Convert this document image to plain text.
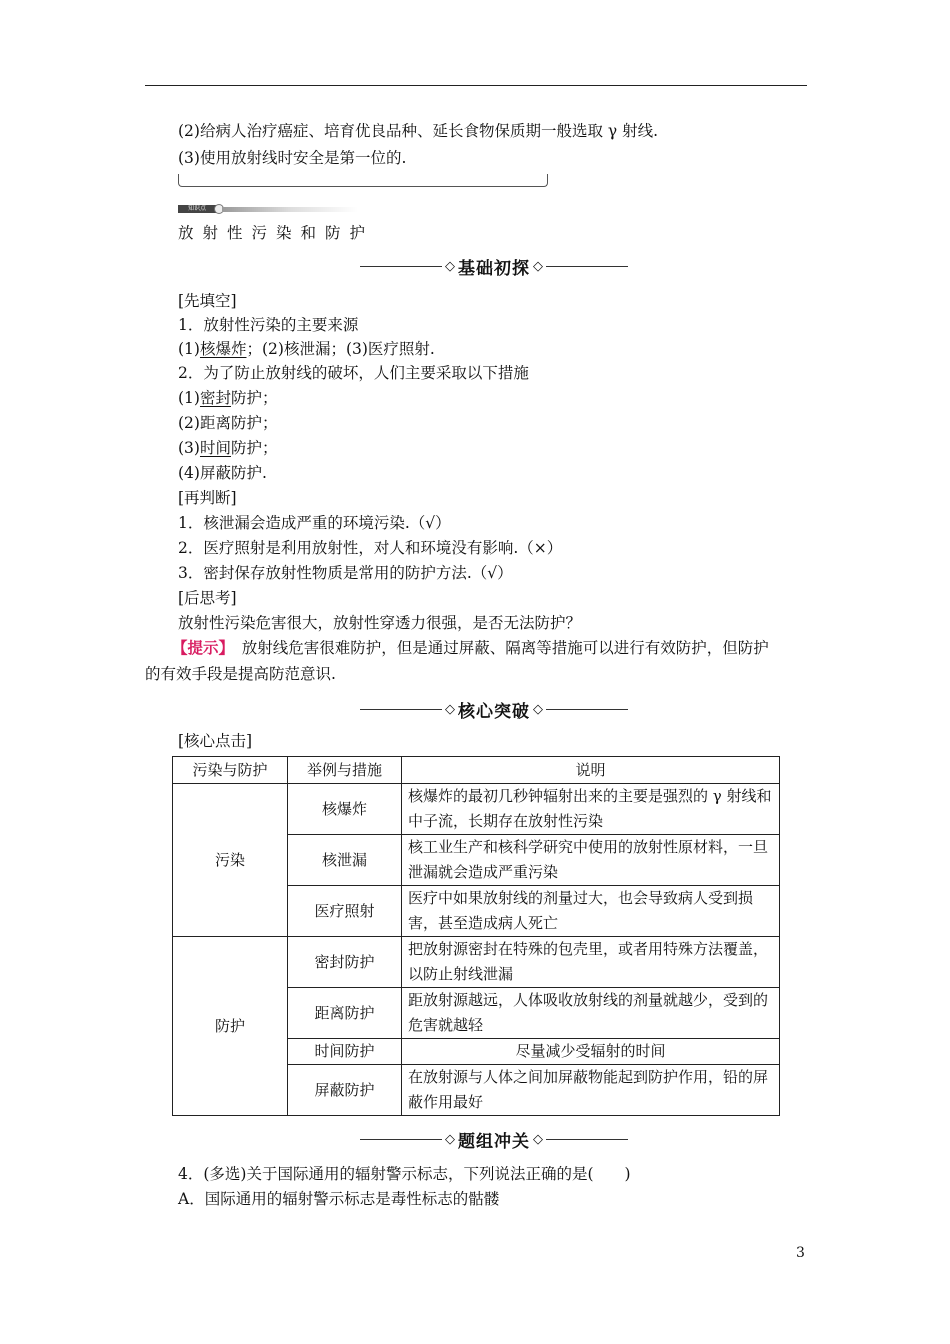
(2)给病人治疗癌症、培育优良品种、延长食物保质期一般选取 γ 射线.
(3)使用放射线时安全是第一位的.
知识点
放射性污染和防护
◇ 基础初探 ◇
[先填空]
1．放射性污染的主要来源
(1)核爆炸；(2)核泄漏；(3)医疗照射.
2．为了防止放射线的破坏，人们主要采取以下措施
(1)密封防护；
(2)距离防护；
(3)时间防护；
(4)屏蔽防护.
[再判断]
1．核泄漏会造成严重的环境污染.（√）
2．医疗照射是利用放射性，对人和环境没有影响.（×）
3．密封保存放射性物质是常用的防护方法.（√）
[后思考]
放射性污染危害很大，放射性穿透力很强，是否无法防护？
【提示】　放射线危害很难防护，但是通过屏蔽、隔离等措施可以进行有效防护，但防护
的有效手段是提高防范意识.
◇ 核心突破 ◇
[核心点击]
污染与防护	举例与措施	说明
污染	核爆炸	核爆炸的最初几秒钟辐射出来的主要是强烈的 γ 射线和中子流，长期存在放射性污染
	核泄漏	核工业生产和核科学研究中使用的放射性原材料，一旦泄漏就会造成严重污染
	医疗照射	医疗中如果放射线的剂量过大，也会导致病人受到损害，甚至造成病人死亡
防护	密封防护	把放射源密封在特殊的包壳里，或者用特殊方法覆盖，以防止射线泄漏
	距离防护	距放射源越远，人体吸收放射线的剂量就越少，受到的危害就越轻
	时间防护	尽量减少受辐射的时间
	屏蔽防护	在放射源与人体之间加屏蔽物能起到防护作用，铅的屏蔽作用最好
◇ 题组冲关 ◇
4．(多选)关于国际通用的辐射警示标志，下列说法正确的是(　　)
A．国际通用的辐射警示标志是毒性标志的骷髅
3
